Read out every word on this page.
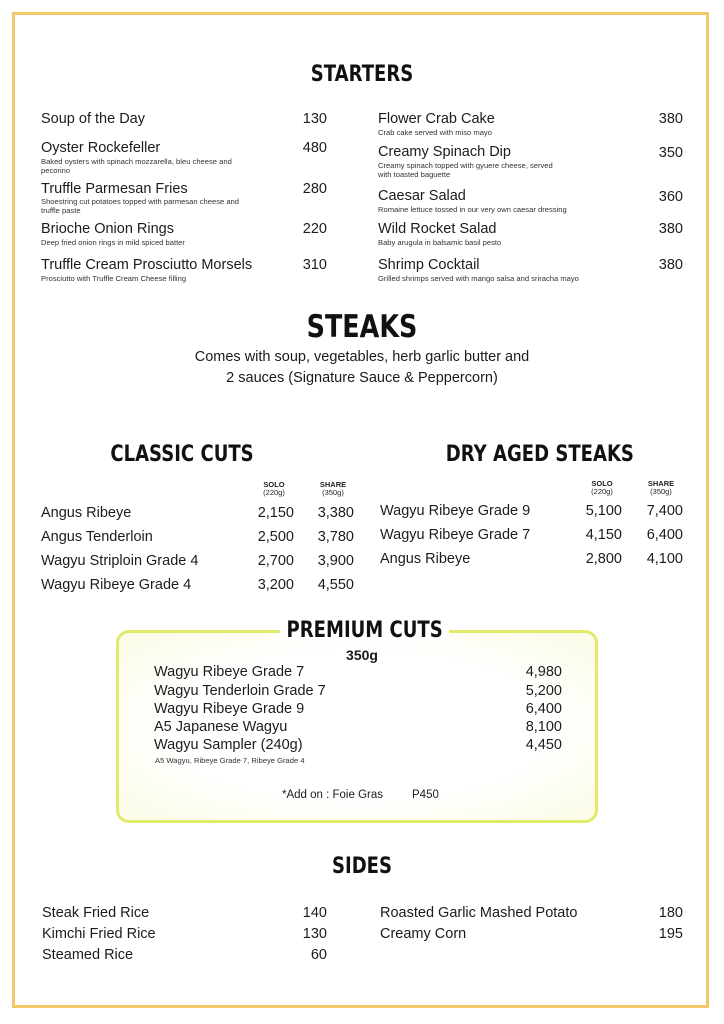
STARTERS
Soup of the Day	130
Oyster Rockefeller	480
Baked oysters with spinach mozzarella, bleu cheese and pecorino
Truffle Parmesan Fries	280
Shoestring cut potatoes topped with parmesan cheese and truffle paste
Brioche Onion Rings	220
Deep fried onion rings in mild spiced batter
Truffle Cream Prosciutto Morsels	310
Prosciutto with Truffle Cream Cheese filling
Flower Crab Cake	380
Crab cake served with miso mayo
Creamy Spinach Dip	350
Creamy spinach topped with gyuere cheese, served with toasted baguette
Caesar Salad	360
Romaine lettuce tossed in our very own caesar dressing
Wild Rocket Salad	380
Baby arugula in balsamic basil pesto
Shrimp Cocktail	380
Grilled shrimps served with mango salsa and sriracha mayo
STEAKS
Comes with soup, vegetables, herb garlic butter and
2 sauces (Signature Sauce & Peppercorn)
CLASSIC CUTS
SOLO
(220g)
SHARE
(350g)
Angus Ribeye	2,150	3,380
Angus Tenderloin	2,500	3,780
Wagyu Striploin Grade 4	2,700	3,900
Wagyu Ribeye Grade 4	3,200	4,550
DRY AGED STEAKS
SOLO
(220g)
SHARE
(350g)
Wagyu Ribeye Grade 9	5,100	7,400
Wagyu Ribeye Grade 7	4,150	6,400
Angus Ribeye	2,800	4,100
PREMIUM CUTS
350g
Wagyu Ribeye Grade 7	4,980
Wagyu Tenderloin Grade 7	5,200
Wagyu Ribeye Grade 9	6,400
A5 Japanese Wagyu	8,100
Wagyu Sampler (240g)	4,450
A5 Wagyu, Ribeye Grade 7, Ribeye Grade 4
*Add on : Foie Gras	P450
SIDES
Steak Fried Rice	140
Kimchi Fried Rice	130
Steamed Rice	60
Roasted Garlic Mashed Potato	180
Creamy Corn	195
